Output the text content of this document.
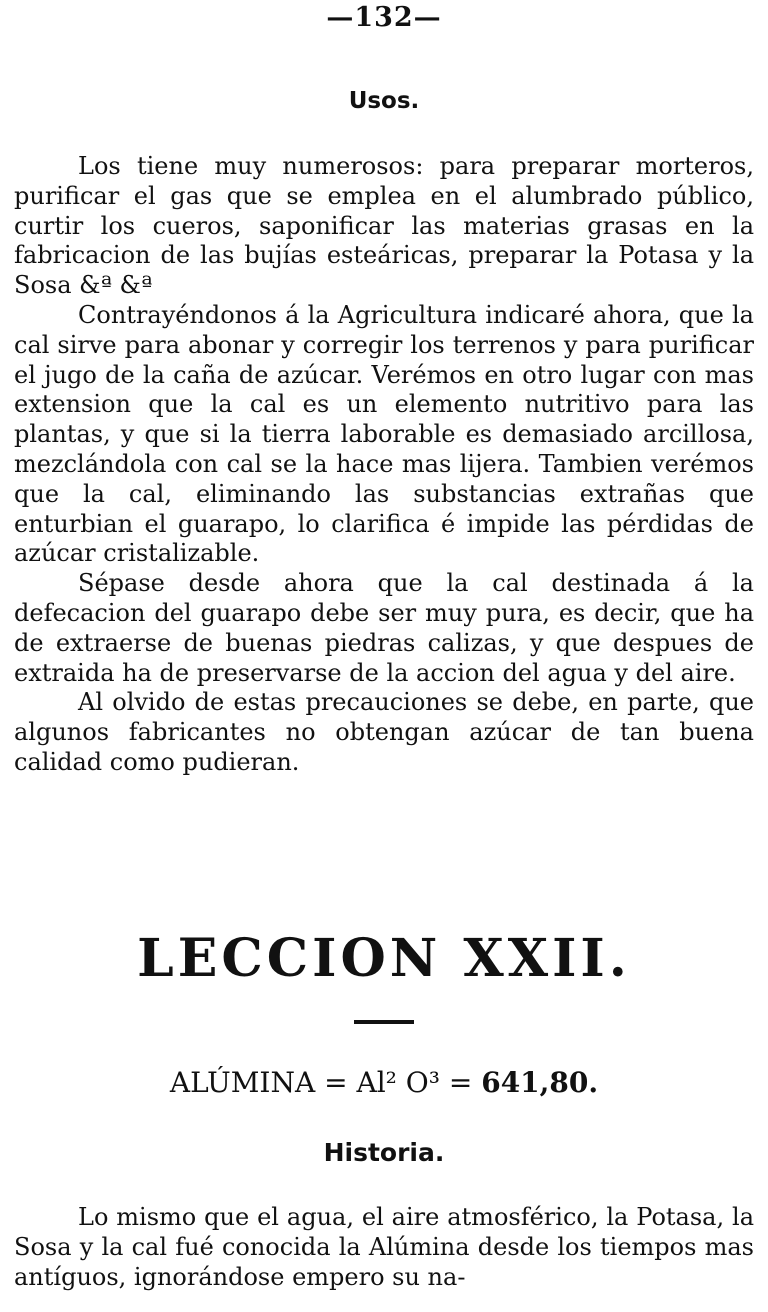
—132—
Usos.

Los tiene muy numerosos: para preparar morteros, purificar el gas que se emplea en el alumbrado público, curtir los cueros, saponificar las materias grasas en la fabricacion de las bujías esteáricas, preparar la Potasa y la Sosa &ª &ª

Contrayéndonos á la Agricultura indicaré ahora, que la cal sirve para abonar y corregir los terrenos y para purificar el jugo de la caña de azúcar. Verémos en otro lugar con mas extension que la cal es un elemento nutritivo para las plantas, y que si la tierra laborable es demasiado arcillosa, mezclándola con cal se la hace mas lijera. Tambien verémos que la cal, eliminando las substancias extrañas que enturbian el guarapo, lo clarifica é impide las pérdidas de azúcar cristalizable.

Sépase desde ahora que la cal destinada á la defecacion del guarapo debe ser muy pura, es decir, que ha de extraerse de buenas piedras calizas, y que despues de extraida ha de preservarse de la accion del agua y del aire.

Al olvido de estas precauciones se debe, en parte, que algunos fabricantes no obtengan azúcar de tan buena calidad como pudieran.

LECCION XXII.
ALÚMINA = Al² O³ = 641,80.
Historia.

Lo mismo que el agua, el aire atmosférico, la Potasa, la Sosa y la cal fué conocida la Alúmina desde los tiempos mas antíguos, ignorándose empero su na-
